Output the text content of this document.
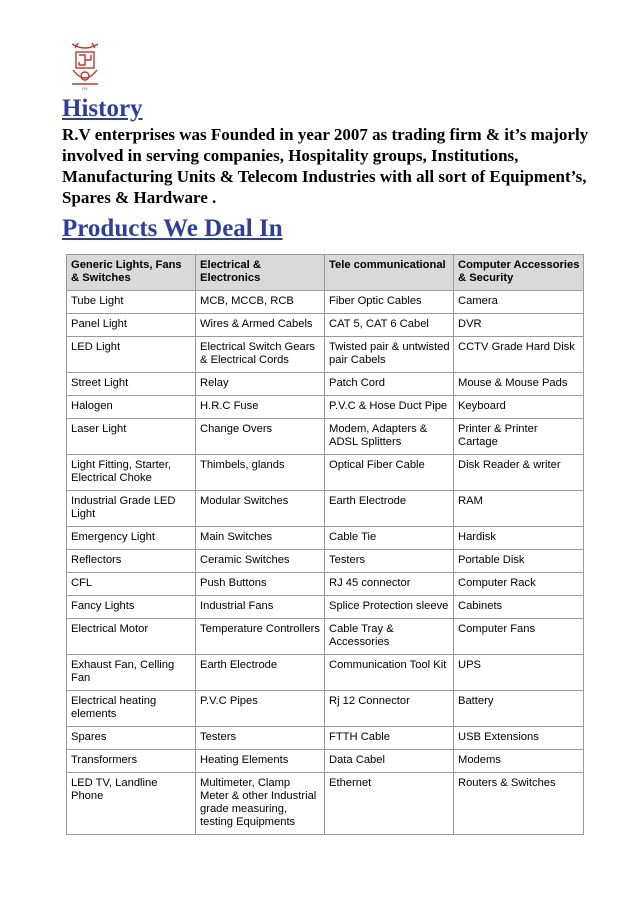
RV
History

R.V enterprises was Founded in year 2007 as trading firm & it’s majorly involved in serving companies, Hospitality groups, Institutions, Manufacturing Units & Telecom Industries with all sort of Equipment’s, Spares & Hardware .

Products We Deal In
Generic Lights, Fans & Switches	Electrical & Electronics	Tele communicational	Computer Accessories & Security
Tube Light	MCB, MCCB, RCB	Fiber Optic Cables	Camera
Panel Light	Wires & Armed Cabels	CAT 5, CAT 6 Cabel	DVR
LED Light	Electrical Switch Gears & Electrical Cords	Twisted pair & untwisted pair Cabels	CCTV Grade Hard Disk
Street Light	Relay	Patch Cord	Mouse & Mouse Pads
Halogen	H.R.C Fuse	P.V.C & Hose Duct Pipe	Keyboard
Laser Light	Change Overs	Modem, Adapters & ADSL Splitters	Printer & Printer Cartage
Light Fitting, Starter, Electrical Choke	Thimbels, glands	Optical Fiber Cable	Disk Reader & writer
Industrial Grade LED Light	Modular Switches	Earth Electrode	RAM
Emergency Light	Main Switches	Cable Tie	Hardisk
Reflectors	Ceramic Switches	Testers	Portable Disk
CFL	Push Buttons	RJ 45 connector	Computer Rack
Fancy Lights	Industrial Fans	Splice Protection sleeve	Cabinets
Electrical Motor	Temperature Controllers	Cable Tray & Accessories	Computer Fans
Exhaust Fan, Celling Fan	Earth Electrode	Communication Tool Kit	UPS
Electrical heating elements	P.V.C Pipes	Rj 12 Connector	Battery
Spares	Testers	FTTH Cable	USB Extensions
Transformers	Heating Elements	Data Cabel	Modems
LED TV, Landline Phone	Multimeter, Clamp Meter & other Industrial grade measuring, testing Equipments	Ethernet	Routers & Switches
